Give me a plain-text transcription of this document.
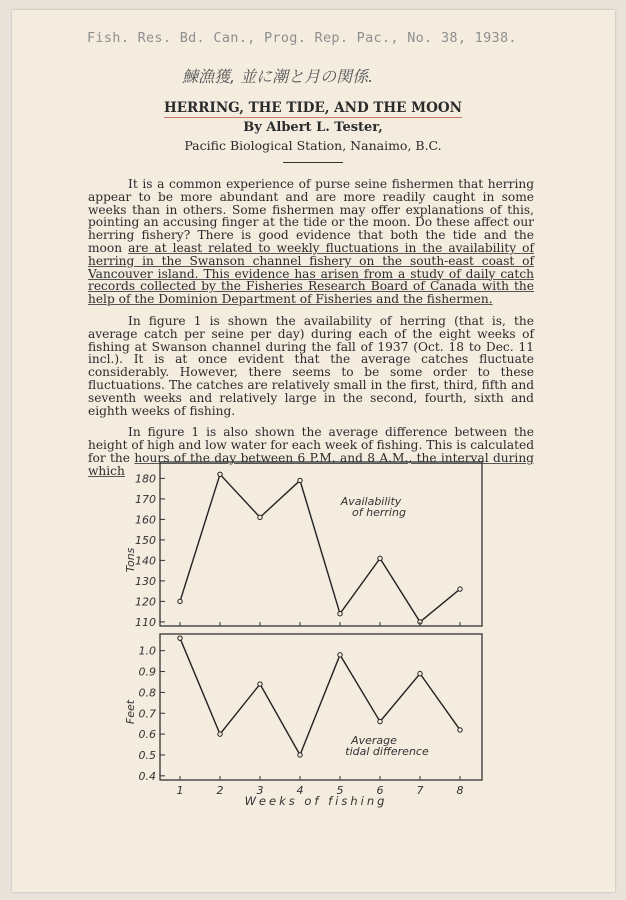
Fish. Res. Bd. Can., Prog. Rep. Pac., No. 38, 1938.
鰊漁獲, 並に潮と月の関係.
HERRING, THE TIDE, AND THE MOON
By Albert L. Tester,
Pacific Biological Station, Nanaimo, B.C.

It is a common experience of purse seine fishermen that herring appear to be more abundant and are more readily caught in some weeks than in others. Some fishermen may offer explanations of this, pointing an accusing finger at the tide or the moon. Do these affect our herring fishery? There is good evidence that both the tide and the moon are at least related to weekly fluctuations in the availability of herring in the Swanson channel fishery on the south-east coast of Vancouver island. This evidence has arisen from a study of daily catch records collected by the Fisheries Research Board of Canada with the help of the Dominion Department of Fisheries and the fishermen.

In figure 1 is shown the availability of herring (that is, the average catch per seine per day) during each of the eight weeks of fishing at Swanson channel during the fall of 1937 (Oct. 18 to Dec. 11 incl.). It is at once evident that the average catches fluctuate considerably. However, there seems to be some order to these fluctuations. The catches are relatively small in the first, third, fifth and seventh weeks and relatively large in the second, fourth, sixth and eighth weeks of fishing.

In figure 1 is also shown the average difference between the height of high and low water for each week of fishing. This is calculated for the hours of the day between 6 P.M. and 8 A.M., the interval during which

Tons
Feet
Availability
of herring
Average
tidal difference
Weeks of fishing
110
120
130
140
150
160
170
180
0.4
0.5
0.6
0.7
0.8
0.9
1.0
1	2	3	4	5	6	7	8
